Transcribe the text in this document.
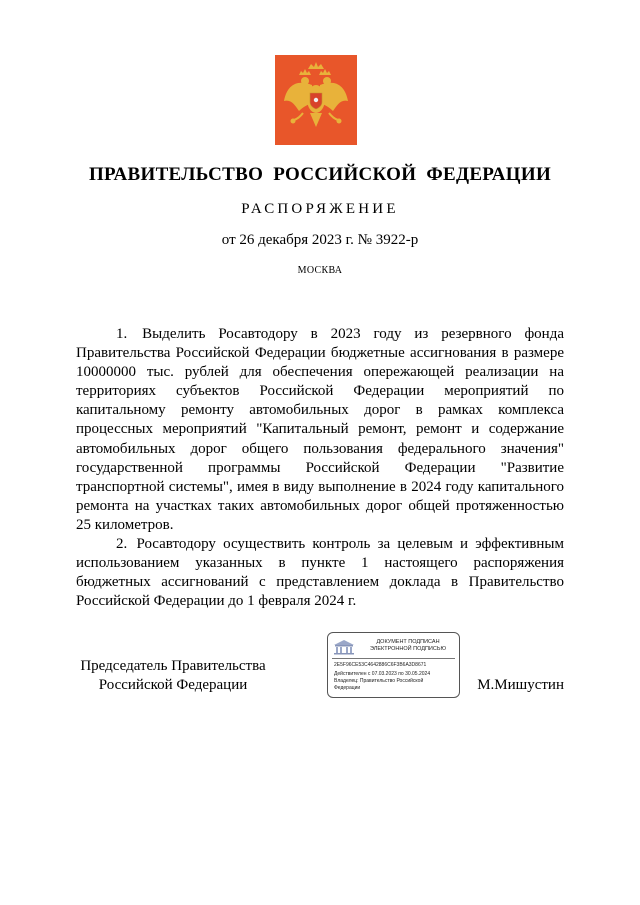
ПРАВИТЕЛЬСТВО РОССИЙСКОЙ ФЕДЕРАЦИИ
РАСПОРЯЖЕНИЕ
от 26 декабря 2023 г. № 3922-р
МОСКВА

1. Выделить Росавтодору в 2023 году из резервного фонда Правительства Российской Федерации бюджетные ассигнования в размере 10000000 тыс. рублей для обеспечения опережающей реализации на территориях субъектов Российской Федерации мероприятий по капитальному ремонту автомобильных дорог в рамках комплекса процессных мероприятий "Капитальный ремонт, ремонт и содержание автомобильных дорог общего пользования федерального значения" государственной программы Российской Федерации "Развитие транспортной системы", имея в виду выполнение в 2024 году капитального ремонта на участках таких автомобильных дорог общей протяженностью 25 километров.

2. Росавтодору осуществить контроль за целевым и эффективным использованием указанных в пункте 1 настоящего распоряжения бюджетных ассигнований с представлением доклада в Правительство Российской Федерации до 1 февраля 2024 г.

Председатель Правительства
Российской Федерации
ДОКУМЕНТ ПОДПИСАН
ЭЛЕКТРОННОЙ ПОДПИСЬЮ
2E5F96CE53C4642886C6F3B6A3D8671
Действителен с 07.03.2023 по 30.05.2024
Владелец: Правительство Российской
Федерации	М.Мишустин
